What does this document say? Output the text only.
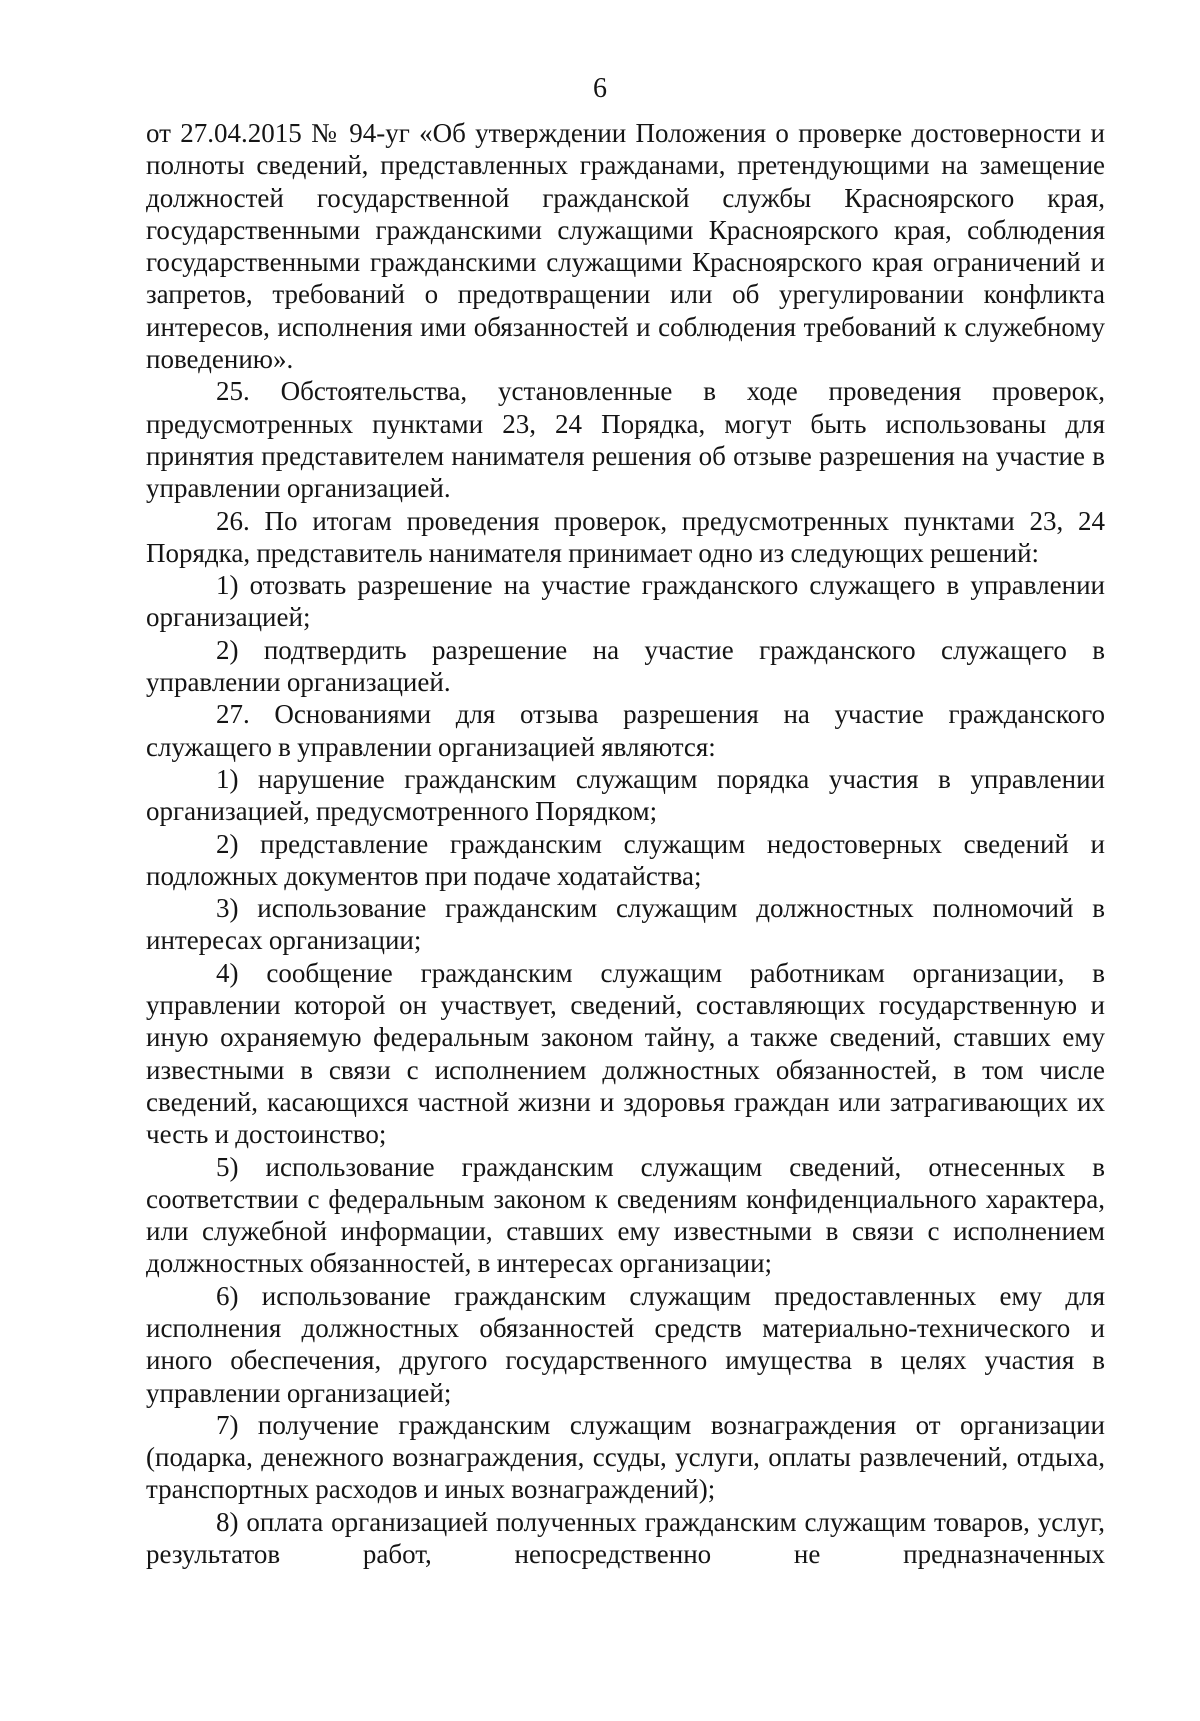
6

от 27.04.2015 № 94-уг «Об утверждении Положения о проверке достоверности и полноты сведений, представленных гражданами, претендующими на замещение должностей государственной гражданской службы Красноярского края, государственными гражданскими служащими Красноярского края, соблюдения государственными гражданскими служащими Красноярского края ограничений и запретов, требований о предотвращении или об урегулировании конфликта интересов, исполнения ими обязанностей и соблюдения требований к служебному поведению».

25. Обстоятельства, установленные в ходе проведения проверок, предусмотренных пунктами 23, 24 Порядка, могут быть использованы для принятия представителем нанимателя решения об отзыве разрешения на участие в управлении организацией.

26. По итогам проведения проверок, предусмотренных пунктами 23, 24 Порядка, представитель нанимателя принимает одно из следующих решений:

1) отозвать разрешение на участие гражданского служащего в управлении организацией;

2) подтвердить разрешение на участие гражданского служащего в управлении организацией.

27. Основаниями для отзыва разрешения на участие гражданского служащего в управлении организацией являются:

1) нарушение гражданским служащим порядка участия в управлении организацией, предусмотренного Порядком;

2) представление гражданским служащим недостоверных сведений и подложных документов при подаче ходатайства;

3) использование гражданским служащим должностных полномочий в интересах организации;

4) сообщение гражданским служащим работникам организации, в управлении которой он участвует, сведений, составляющих государственную и иную охраняемую федеральным законом тайну, а также сведений, ставших ему известными в связи с исполнением должностных обязанностей, в том числе сведений, касающихся частной жизни и здоровья граждан или затрагивающих их честь и достоинство;

5) использование гражданским служащим сведений, отнесенных в соответствии с федеральным законом к сведениям конфиденциального характера, или служебной информации, ставших ему известными в связи с исполнением должностных обязанностей, в интересах организации;

6) использование гражданским служащим предоставленных ему для исполнения должностных обязанностей средств материально-технического и иного обеспечения, другого государственного имущества в целях участия в управлении организацией;

7) получение гражданским служащим вознаграждения от организации (подарка, денежного вознаграждения, ссуды, услуги, оплаты развлечений, отдыха, транспортных расходов и иных вознаграждений);

8) оплата организацией полученных гражданским служащим товаров, услуг, результатов работ, непосредственно не предназначенных
